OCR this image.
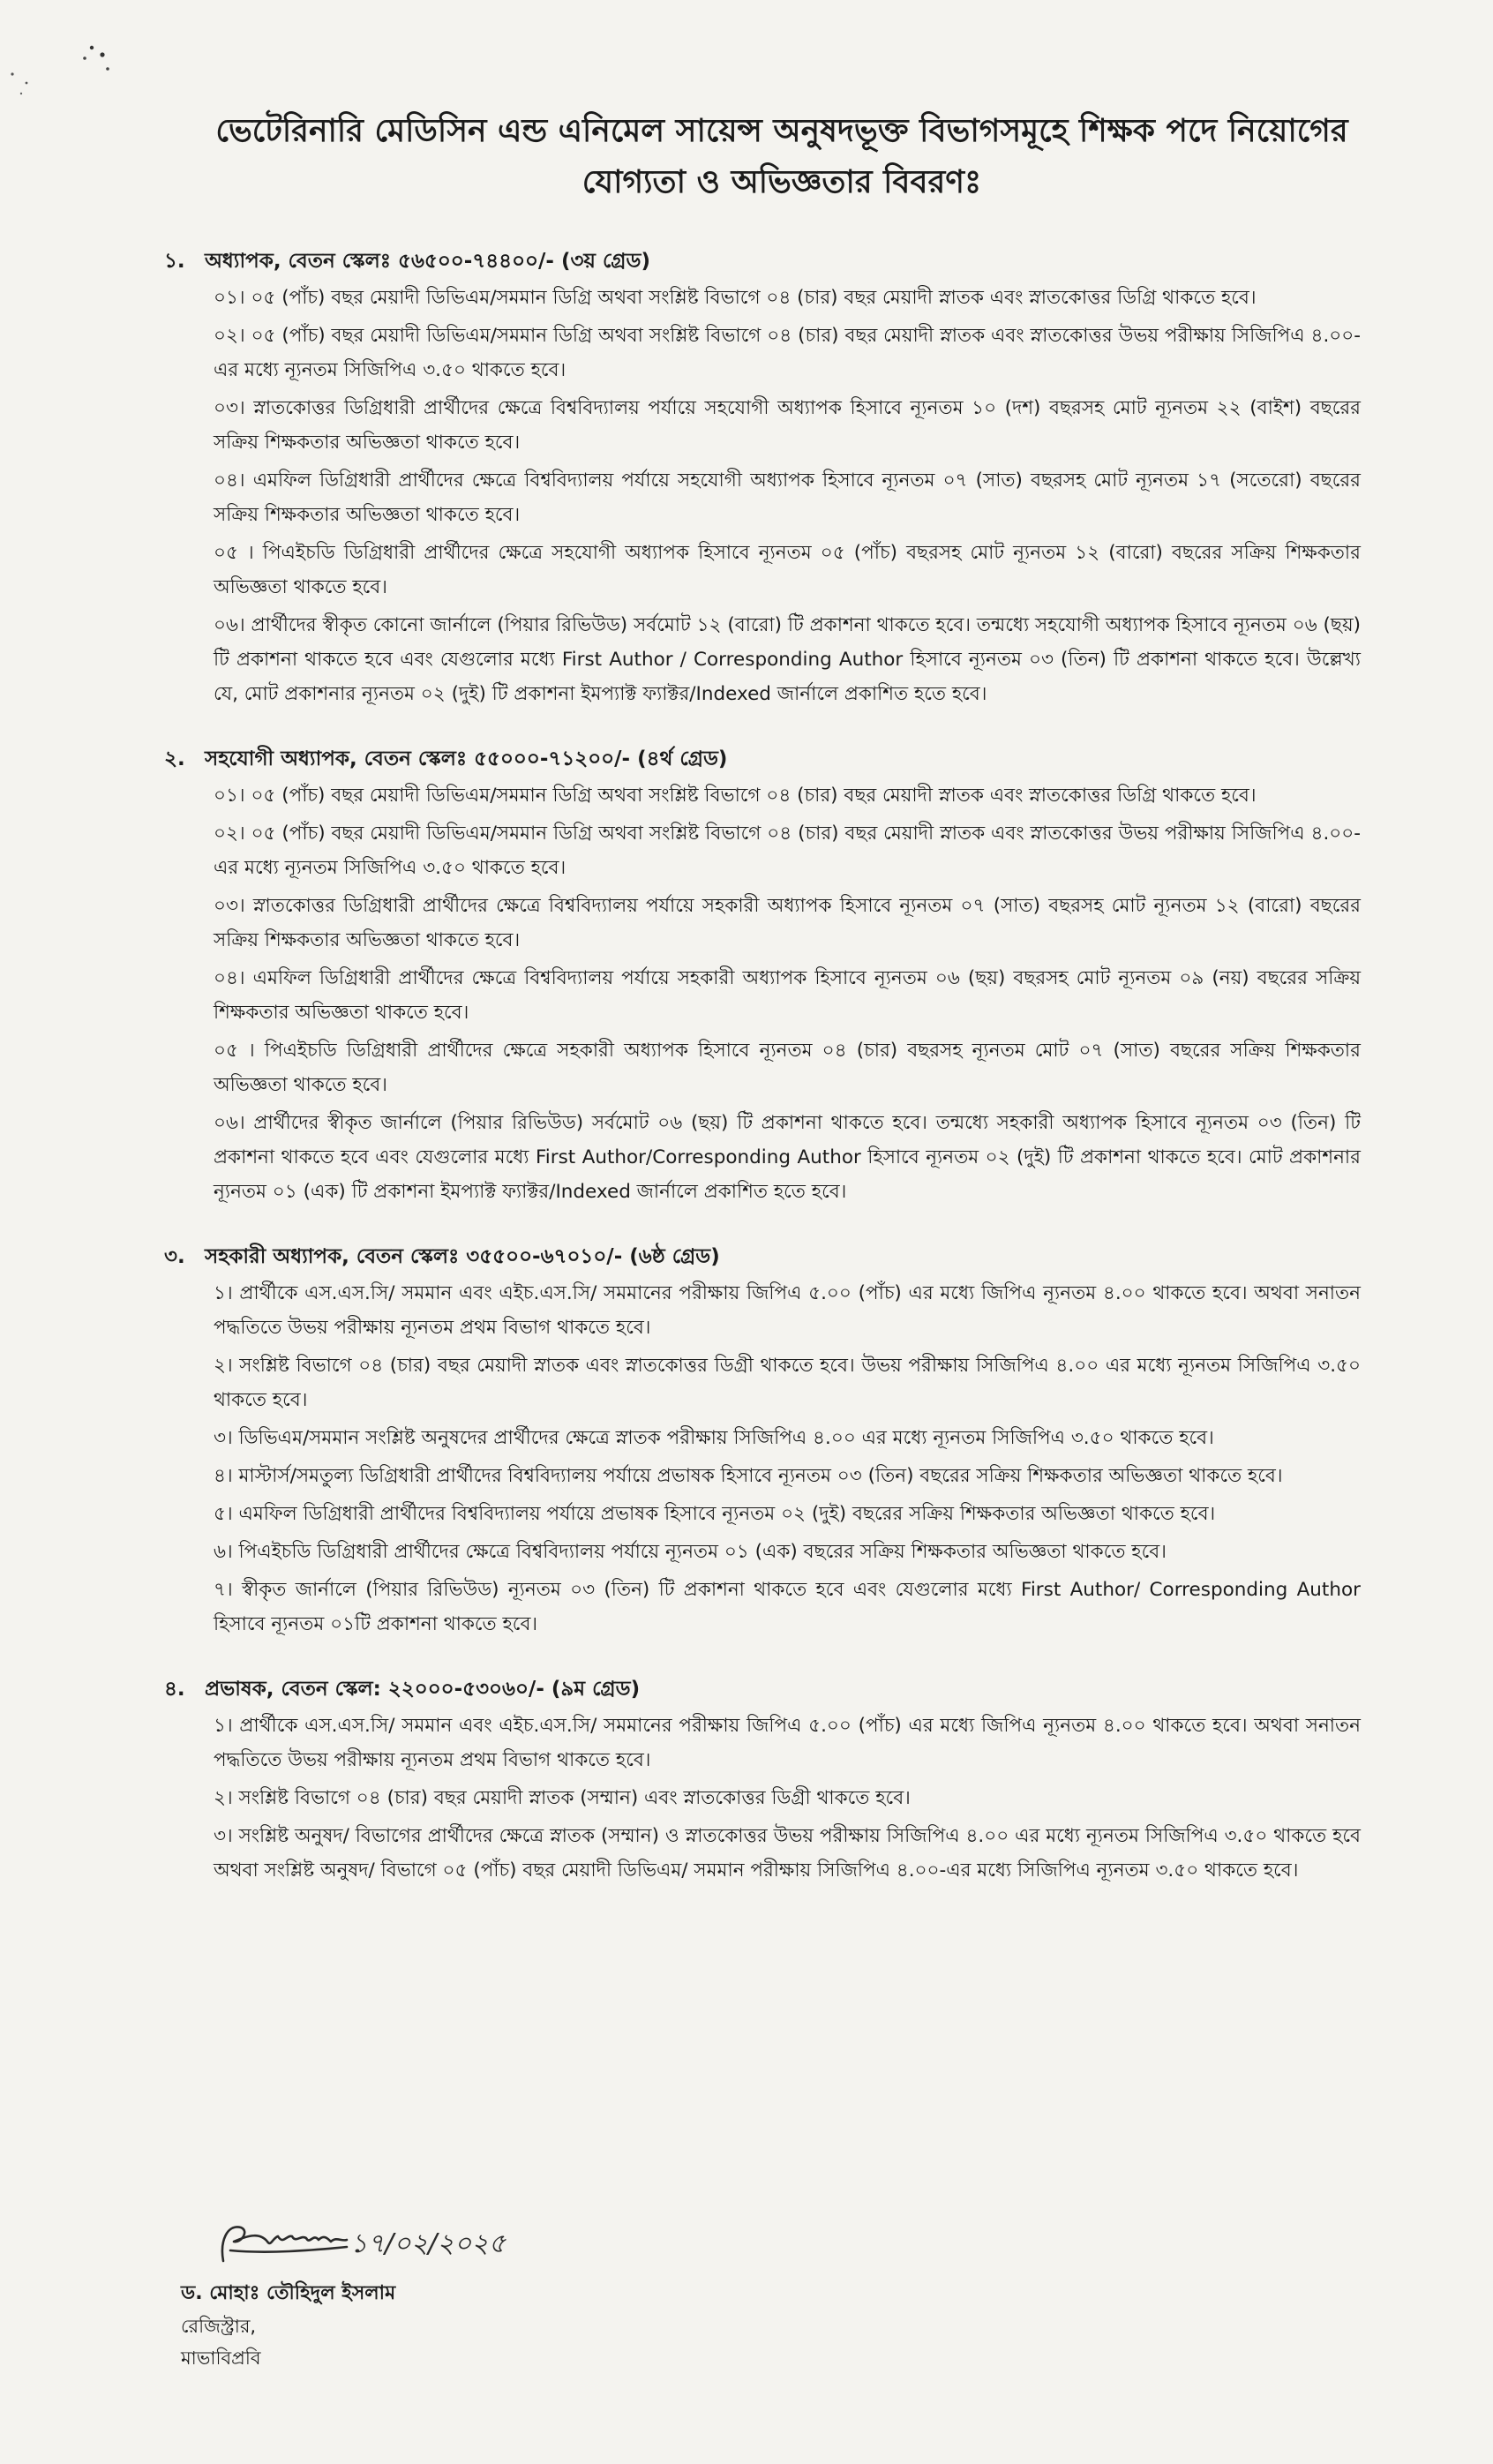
ভেটেরিনারি মেডিসিন এন্ড এনিমেল সায়েন্স অনুষদভূক্ত বিভাগসমূহে শিক্ষক পদে নিয়োগের যোগ্যতা ও অভিজ্ঞতার বিবরণঃ
১. অধ্যাপক, বেতন স্কেলঃ ৫৬৫০০-৭৪৪০০/- (৩য় গ্রেড)
০১। ০৫ (পাঁচ) বছর মেয়াদী ডিভিএম/সমমান ডিগ্রি অথবা সংশ্লিষ্ট বিভাগে ০৪ (চার) বছর মেয়াদী স্নাতক এবং স্নাতকোত্তর ডিগ্রি থাকতে হবে।
০২। ০৫ (পাঁচ) বছর মেয়াদী ডিভিএম/সমমান ডিগ্রি অথবা সংশ্লিষ্ট বিভাগে ০৪ (চার) বছর মেয়াদী স্নাতক এবং স্নাতকোত্তর উভয় পরীক্ষায় সিজিপিএ ৪.০০-এর মধ্যে ন্যূনতম সিজিপিএ ৩.৫০ থাকতে হবে।
০৩। স্নাতকোত্তর ডিগ্রিধারী প্রার্থীদের ক্ষেত্রে বিশ্ববিদ্যালয় পর্যায়ে সহযোগী অধ্যাপক হিসাবে ন্যূনতম ১০ (দশ) বছরসহ মোট ন্যূনতম ২২ (বাইশ) বছরের সক্রিয় শিক্ষকতার অভিজ্ঞতা থাকতে হবে।
০৪। এমফিল ডিগ্রিধারী প্রার্থীদের ক্ষেত্রে বিশ্ববিদ্যালয় পর্যায়ে সহযোগী অধ্যাপক হিসাবে ন্যূনতম ০৭ (সাত) বছরসহ মোট ন্যূনতম ১৭ (সতেরো) বছরের সক্রিয় শিক্ষকতার অভিজ্ঞতা থাকতে হবে।
০৫ । পিএইচডি ডিগ্রিধারী প্রার্থীদের ক্ষেত্রে সহযোগী অধ্যাপক হিসাবে ন্যূনতম ০৫ (পাঁচ) বছরসহ মোট ন্যূনতম ১২ (বারো) বছরের সক্রিয় শিক্ষকতার অভিজ্ঞতা থাকতে হবে।
০৬। প্রার্থীদের স্বীকৃত কোনো জার্নালে (পিয়ার রিভিউড) সর্বমোট ১২ (বারো) টি প্রকাশনা থাকতে হবে। তন্মধ্যে সহযোগী অধ্যাপক হিসাবে ন্যূনতম ০৬ (ছয়) টি প্রকাশনা থাকতে হবে এবং যেগুলোর মধ্যে First Author / Corresponding Author হিসাবে ন্যূনতম ০৩ (তিন) টি প্রকাশনা থাকতে হবে। উল্লেখ্য যে, মোট প্রকাশনার ন্যূনতম ০২ (দুই) টি প্রকাশনা ইমপ্যাক্ট ফ্যাক্টর/Indexed জার্নালে প্রকাশিত হতে হবে।
২. সহযোগী অধ্যাপক, বেতন স্কেলঃ ৫৫০০০-৭১২০০/- (৪র্থ গ্রেড)
০১। ০৫ (পাঁচ) বছর মেয়াদী ডিভিএম/সমমান ডিগ্রি অথবা সংশ্লিষ্ট বিভাগে ০৪ (চার) বছর মেয়াদী স্নাতক এবং স্নাতকোত্তর ডিগ্রি থাকতে হবে।
০২। ০৫ (পাঁচ) বছর মেয়াদী ডিভিএম/সমমান ডিগ্রি অথবা সংশ্লিষ্ট বিভাগে ০৪ (চার) বছর মেয়াদী স্নাতক এবং স্নাতকোত্তর উভয় পরীক্ষায় সিজিপিএ ৪.০০-এর মধ্যে ন্যূনতম সিজিপিএ ৩.৫০ থাকতে হবে।
০৩। স্নাতকোত্তর ডিগ্রিধারী প্রার্থীদের ক্ষেত্রে বিশ্ববিদ্যালয় পর্যায়ে সহকারী অধ্যাপক হিসাবে ন্যূনতম ০৭ (সাত) বছরসহ মোট ন্যূনতম ১২ (বারো) বছরের সক্রিয় শিক্ষকতার অভিজ্ঞতা থাকতে হবে।
০৪। এমফিল ডিগ্রিধারী প্রার্থীদের ক্ষেত্রে বিশ্ববিদ্যালয় পর্যায়ে সহকারী অধ্যাপক হিসাবে ন্যূনতম ০৬ (ছয়) বছরসহ মোট ন্যূনতম ০৯ (নয়) বছরের সক্রিয় শিক্ষকতার অভিজ্ঞতা থাকতে হবে।
০৫ । পিএইচডি ডিগ্রিধারী প্রার্থীদের ক্ষেত্রে সহকারী অধ্যাপক হিসাবে ন্যূনতম ০৪ (চার) বছরসহ ন্যূনতম মোট ০৭ (সাত) বছরের সক্রিয় শিক্ষকতার অভিজ্ঞতা থাকতে হবে।
০৬। প্রার্থীদের স্বীকৃত জার্নালে (পিয়ার রিভিউড) সর্বমোট ০৬ (ছয়) টি প্রকাশনা থাকতে হবে। তন্মধ্যে সহকারী অধ্যাপক হিসাবে ন্যূনতম ০৩ (তিন) টি প্রকাশনা থাকতে হবে এবং যেগুলোর মধ্যে First Author/Corresponding Author হিসাবে ন্যূনতম ০২ (দুই) টি প্রকাশনা থাকতে হবে। মোট প্রকাশনার ন্যূনতম ০১ (এক) টি প্রকাশনা ইমপ্যাক্ট ফ্যাক্টর/Indexed জার্নালে প্রকাশিত হতে হবে।
৩. সহকারী অধ্যাপক, বেতন স্কেলঃ ৩৫৫০০-৬৭০১০/- (৬ষ্ঠ গ্রেড)
১। প্রার্থীকে এস.এস.সি/ সমমান এবং এইচ.এস.সি/ সমমানের পরীক্ষায় জিপিএ ৫.০০ (পাঁচ) এর মধ্যে জিপিএ ন্যূনতম ৪.০০ থাকতে হবে। অথবা সনাতন পদ্ধতিতে উভয় পরীক্ষায় ন্যূনতম প্রথম বিভাগ থাকতে হবে।
২। সংশ্লিষ্ট বিভাগে ০৪ (চার) বছর মেয়াদী স্নাতক এবং স্নাতকোত্তর ডিগ্রী থাকতে হবে। উভয় পরীক্ষায় সিজিপিএ ৪.০০ এর মধ্যে ন্যূনতম সিজিপিএ ৩.৫০ থাকতে হবে।
৩। ডিভিএম/সমমান সংশ্লিষ্ট অনুষদের প্রার্থীদের ক্ষেত্রে স্নাতক পরীক্ষায় সিজিপিএ ৪.০০ এর মধ্যে ন্যূনতম সিজিপিএ ৩.৫০ থাকতে হবে।
৪। মাস্টার্স/সমতুল্য ডিগ্রিধারী প্রার্থীদের বিশ্ববিদ্যালয় পর্যায়ে প্রভাষক হিসাবে ন্যূনতম ০৩ (তিন) বছরের সক্রিয় শিক্ষকতার অভিজ্ঞতা থাকতে হবে।
৫। এমফিল ডিগ্রিধারী প্রার্থীদের বিশ্ববিদ্যালয় পর্যায়ে প্রভাষক হিসাবে ন্যূনতম ০২ (দুই) বছরের সক্রিয় শিক্ষকতার অভিজ্ঞতা থাকতে হবে।
৬। পিএইচডি ডিগ্রিধারী প্রার্থীদের ক্ষেত্রে বিশ্ববিদ্যালয় পর্যায়ে ন্যূনতম ০১ (এক) বছরের সক্রিয় শিক্ষকতার অভিজ্ঞতা থাকতে হবে।
৭। স্বীকৃত জার্নালে (পিয়ার রিভিউড) ন্যূনতম ০৩ (তিন) টি প্রকাশনা থাকতে হবে এবং যেগুলোর মধ্যে First Author/ Corresponding Author হিসাবে ন্যূনতম ০১টি প্রকাশনা থাকতে হবে।
৪. প্রভাষক, বেতন স্কেল: ২২০০০-৫৩০৬০/- (৯ম গ্রেড)
১। প্রার্থীকে এস.এস.সি/ সমমান এবং এইচ.এস.সি/ সমমানের পরীক্ষায় জিপিএ ৫.০০ (পাঁচ) এর মধ্যে জিপিএ ন্যূনতম ৪.০০ থাকতে হবে। অথবা সনাতন পদ্ধতিতে উভয় পরীক্ষায় ন্যূনতম প্রথম বিভাগ থাকতে হবে।
২। সংশ্লিষ্ট বিভাগে ০৪ (চার) বছর মেয়াদী স্নাতক (সম্মান) এবং স্নাতকোত্তর ডিগ্রী থাকতে হবে।
৩। সংশ্লিষ্ট অনুষদ/ বিভাগের প্রার্থীদের ক্ষেত্রে স্নাতক (সম্মান) ও স্নাতকোত্তর উভয় পরীক্ষায় সিজিপিএ ৪.০০ এর মধ্যে ন্যূনতম সিজিপিএ ৩.৫০ থাকতে হবে অথবা সংশ্লিষ্ট অনুষদ/ বিভাগে ০৫ (পাঁচ) বছর মেয়াদী ডিভিএম/ সমমান পরীক্ষায় সিজিপিএ ৪.০০-এর মধ্যে সিজিপিএ ন্যূনতম ৩.৫০ থাকতে হবে।
১৭/০২/২০২৫
ড. মোহাঃ তৌহিদুল ইসলাম
রেজিস্ট্রার,
মাভাবিপ্রবি
